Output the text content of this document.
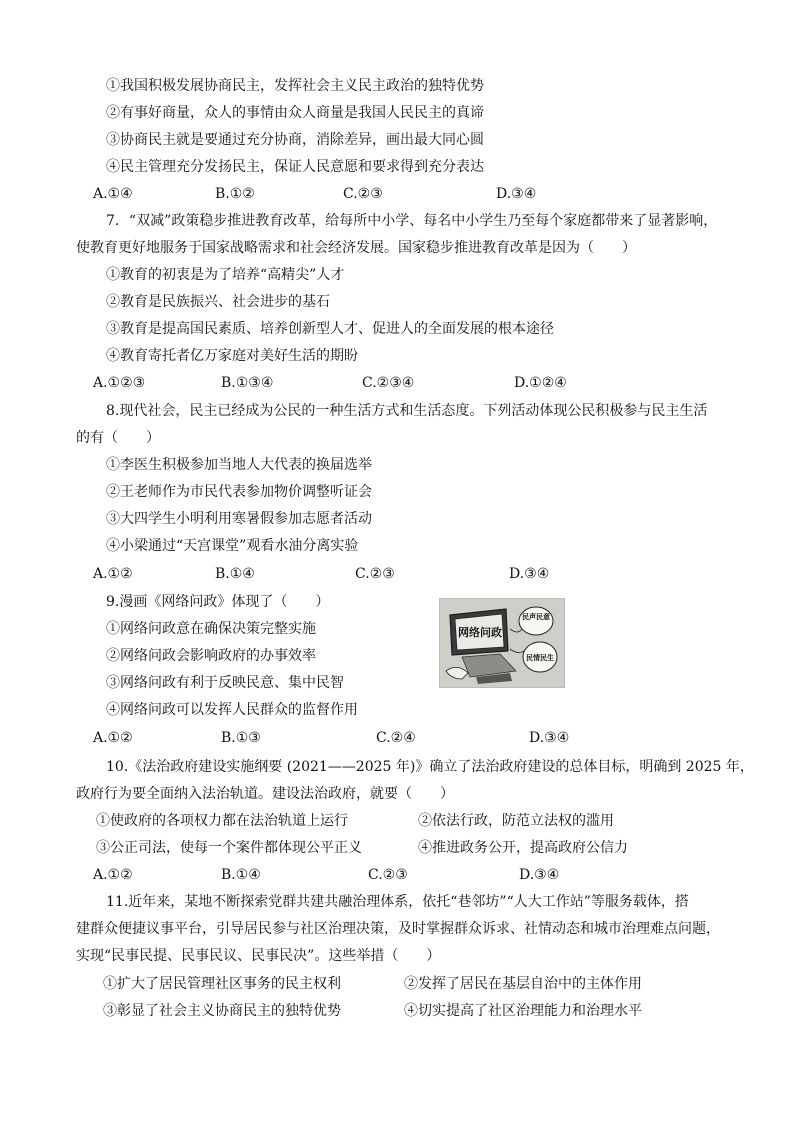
①我国积极发展协商民主，发挥社会主义民主政治的独特优势
②有事好商量，众人的事情由众人商量是我国人民民主的真谛
③协商民主就是要通过充分协商，消除差异，画出最大同心圆
④民主管理充分发扬民主，保证人民意愿和要求得到充分表达
A.①④	B.①②	C.②③	D.③④
7．“双减”政策稳步推进教育改革，给每所中小学、每名中小学生乃至每个家庭都带来了显著影响，
使教育更好地服务于国家战略需求和社会经济发展。国家稳步推进教育改革是因为（　　）
①教育的初衷是为了培养“高精尖”人才
②教育是民族振兴、社会进步的基石
③教育是提高国民素质、培养创新型人才、促进人的全面发展的根本途径
④教育寄托者亿万家庭对美好生活的期盼
A.①②③	B.①③④	C.②③④	D.①②④
8.现代社会，民主已经成为公民的一种生活方式和生活态度。下列活动体现公民积极参与民主生活
的有（　　）
①李医生积极参加当地人大代表的换届选举
②王老师作为市民代表参加物价调整听证会
③大四学生小明利用寒暑假参加志愿者活动
④小梁通过“天宫课堂”观看水油分离实验
A.①②	B.①④	C.②③	D.③④
9.漫画《网络问政》体现了（　　）
①网络问政意在确保决策完整实施
②网络问政会影响政府的办事效率
③网络问政有利于反映民意、集中民智
④网络问政可以发挥人民群众的监督作用
A.①②	B.①③	C.②④	D.③④
网络问政
民声民意
民情民生
10.《法治政府建设实施纲要 (2021——2025 年)》确立了法治政府建设的总体目标，明确到 2025 年，
政府行为要全面纳入法治轨道。建设法治政府，就要（　　）
①使政府的各项权力都在法治轨道上运行	②依法行政，防范立法权的滥用
③公正司法，使每一个案件都体现公平正义	④推进政务公开，提高政府公信力
A.①②	B.①④	C.②③	D.③④
11.近年来，某地不断探索党群共建共融治理体系，依托“巷邻坊”“人大工作站”等服务载体，搭
建群众便捷议事平台，引导居民参与社区治理决策，及时掌握群众诉求、社情动态和城市治理难点问题，
实现“民事民提、民事民议、民事民决”。这些举措（　　）
①扩大了居民管理社区事务的民主权利	②发挥了居民在基层自治中的主体作用
③彰显了社会主义协商民主的独特优势	④切实提高了社区治理能力和治理水平
